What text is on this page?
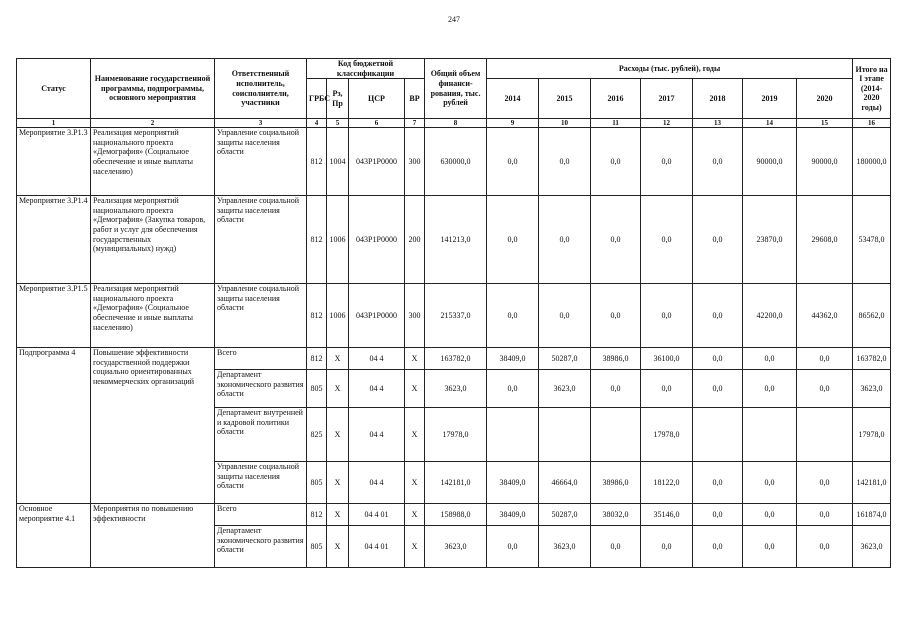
247
Статус	Наименование государственной программы, подпрограммы, основного мероприятия	Ответственный исполнитель, соисполнители, участники	Код бюджетной классификации				Общий объем финанси-рования, тыс. рублей	Расходы (тыс. рублей), годы							Итого на I этапе (2014-2020 годы)
			ГРБС	Рз, Пр	ЦСР	ВР		2014	2015	2016	2017	2018	2019	2020	
1	2	3	4	5	6	7	8	9	10	11	12	13	14	15	16
Мероприятие 3.Р1.3	Реализация мероприятий национального проекта «Демография» (Социальное обеспечение и иные выплаты населению)	Управление социальной защиты населения области	812	1004	043Р1Р0000	300	630000,0	0,0	0,0	0,0	0,0	0,0	90000,0	90000,0	180000,0
Мероприятие 3.Р1.4	Реализация мероприятий национального проекта «Демография» (Закупка товаров, работ и услуг для обеспечения государственных (муниципальных) нужд)	Управление социальной защиты населения области	812	1006	043Р1Р0000	200	141213,0	0,0	0,0	0,0	0,0	0,0	23870,0	29608,0	53478,0
Мероприятие 3.Р1.5	Реализация мероприятий национального проекта «Демография» (Социальное обеспечение и иные выплаты населению)	Управление социальной защиты населения области	812	1006	043Р1Р0000	300	215337,0	0,0	0,0	0,0	0,0	0,0	42200,0	44362,0	86562,0
Подпрограмма 4	Повышение эффективности государственной поддержки социально ориентированных некоммерческих организаций	Всего	812	Х	04 4	Х	163782,0	38409,0	50287,0	38986,0	36100,0	0,0	0,0	0,0	163782,0
		Департамент экономического развития области	805	Х	04 4	Х	3623,0	0,0	3623,0	0,0	0,0	0,0	0,0	0,0	3623,0
		Департамент внутренней и кадровой политики области	825	Х	04 4	Х	17978,0				17978,0				17978,0
		Управление социальной защиты населения области	805	Х	04 4	Х	142181,0	38409,0	46664,0	38986,0	18122,0	0,0	0,0	0,0	142181,0
Основное мероприятие 4.1	Мероприятия по повышению эффективности	Всего	812	Х	04 4 01	Х	158988,0	38409,0	50287,0	38032,0	35146,0	0,0	0,0	0,0	161874,0
		Департамент экономического развития области	805	Х	04 4 01	Х	3623,0	0,0	3623,0	0,0	0,0	0,0	0,0	0,0	3623,0
